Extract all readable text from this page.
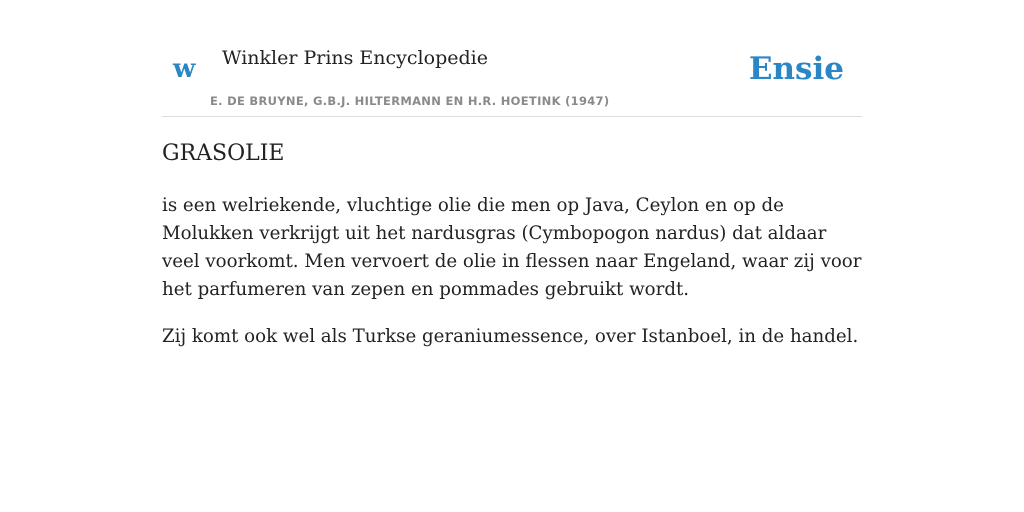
w Winkler Prins Encyclopedie
E. DE BRUYNE, G.B.J. HILTERMANN EN H.R. HOETINK (1947)
Ensie
GRASOLIE

is een welriekende, vluchtige olie die men op Java, Ceylon en op de Molukken verkrijgt uit het nardusgras (Cymbopogon nardus) dat aldaar veel voorkomt. Men vervoert de olie in flessen naar Engeland, waar zij voor het parfumeren van zepen en pommades gebruikt wordt.

Zij komt ook wel als Turkse geraniumessence, over Istanboel, in de handel.
